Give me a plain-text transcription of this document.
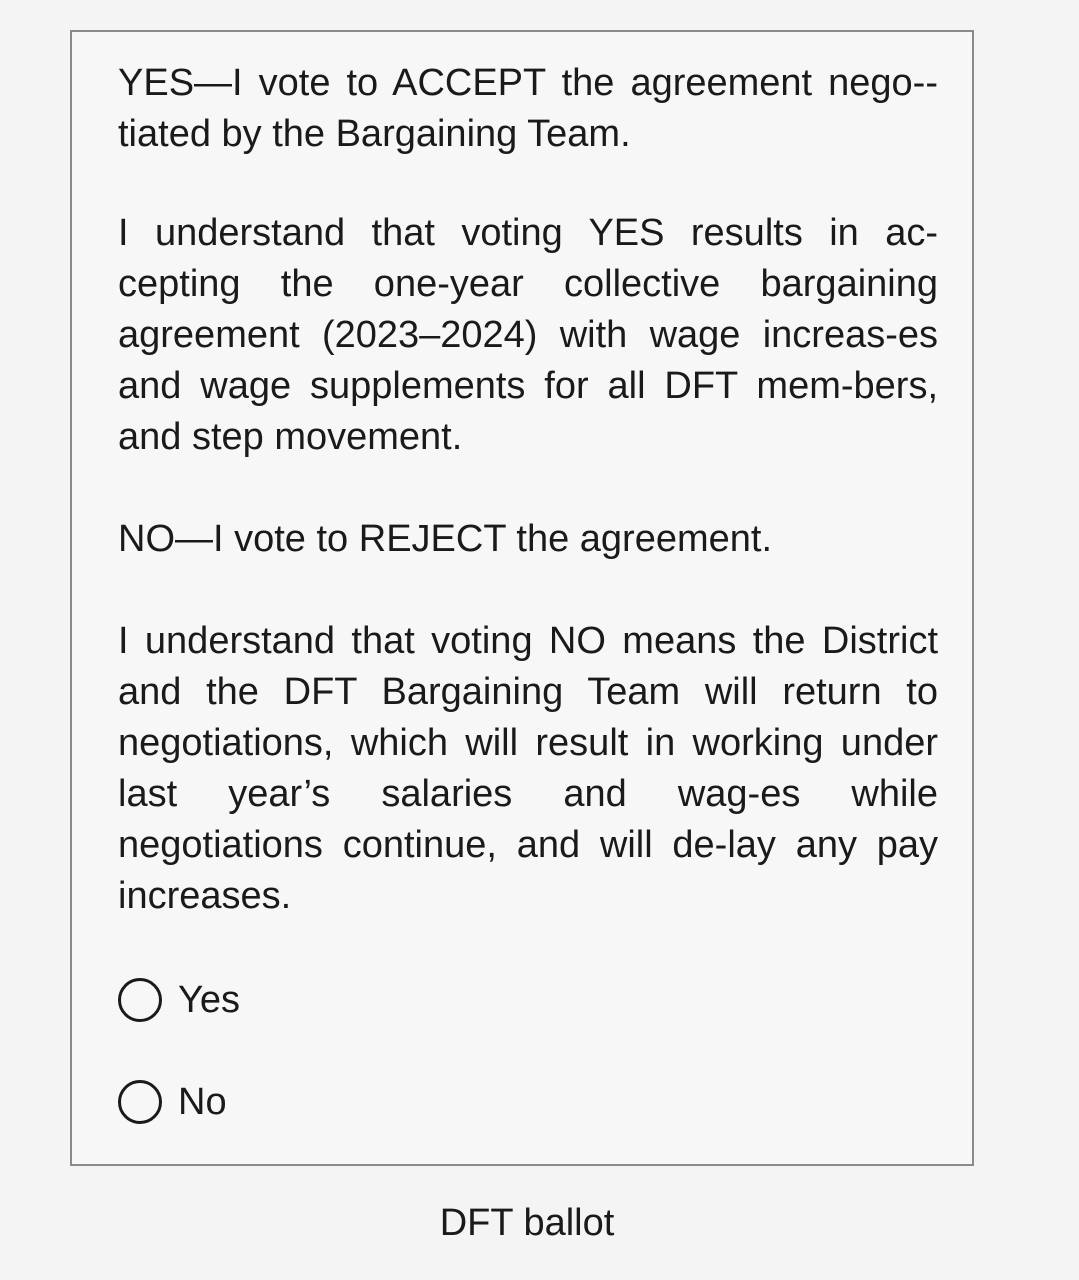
YES—I vote to ACCEPT the agreement nego-tiated by the Bargaining Team.

I understand that voting YES results in ac-cepting the one-year collective bargaining agreement (2023–2024) with wage increas-es and wage supplements for all DFT mem-bers, and step movement.

NO—I vote to REJECT the agreement.

I understand that voting NO means the District and the DFT Bargaining Team will return to negotiations, which will result in working under last year’s salaries and wag-es while negotiations continue, and will de-lay any pay increases.

Yes
No
DFT ballot
